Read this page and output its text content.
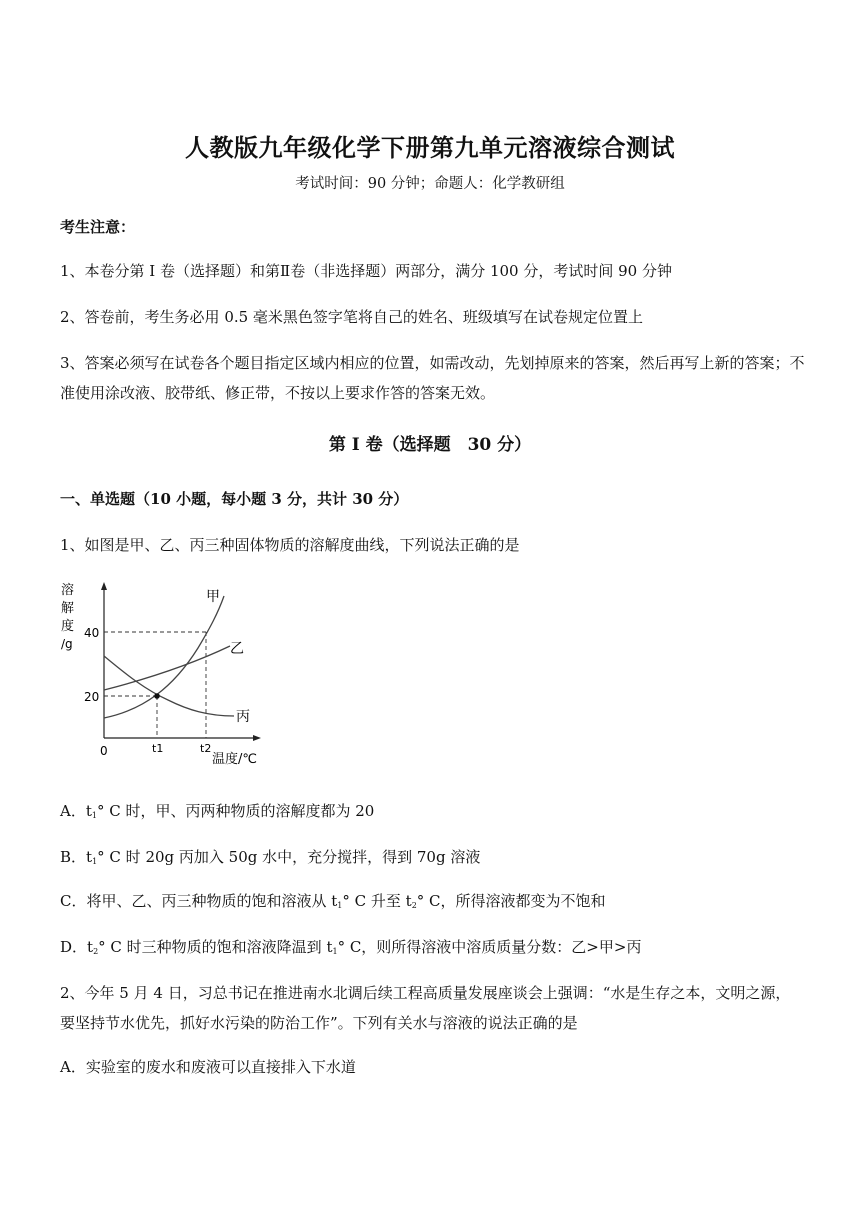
人教版九年级化学下册第九单元溶液综合测试
考试时间：90 分钟；命题人：化学教研组
考生注意：
1、本卷分第 I 卷（选择题）和第Ⅱ卷（非选择题）两部分，满分 100 分，考试时间 90 分钟
2、答卷前，考生务必用 0.5 毫米黑色签字笔将自己的姓名、班级填写在试卷规定位置上
3、答案必须写在试卷各个题目指定区域内相应的位置，如需改动，先划掉原来的答案，然后再写上新的答案；不准使用涂改液、胶带纸、修正带，不按以上要求作答的答案无效。
第 I 卷（选择题　30 分）
一、单选题（10 小题，每小题 3 分，共计 30 分）
1、如图是甲、乙、丙三种固体物质的溶解度曲线，下列说法正确的是
溶
解
度
/g
40
20
0	t1	t2
温度/℃
甲
乙
丙
A．$t_1^\circ$ C 时，甲、丙两种物质的溶解度都为 20
B．$t_1^\circ$ C 时 20g 丙加入 50g 水中，充分搅拌，得到 70g 溶液
C．将甲、乙、丙三种物质的饱和溶液从 $t_1^\circ$ C 升至 $t_2^\circ$ C，所得溶液都变为不饱和
D．$t_2^\circ$ C 时三种物质的饱和溶液降温到 $t_1^\circ$ C，则所得溶液中溶质质量分数：乙>甲>丙
2、今年 5 月 4 日，习总书记在推进南水北调后续工程高质量发展座谈会上强调：“水是生存之本，文明之源，要坚持节水优先，抓好水污染的防治工作”。下列有关水与溶液的说法正确的是
A．实验室的废水和废液可以直接排入下水道
